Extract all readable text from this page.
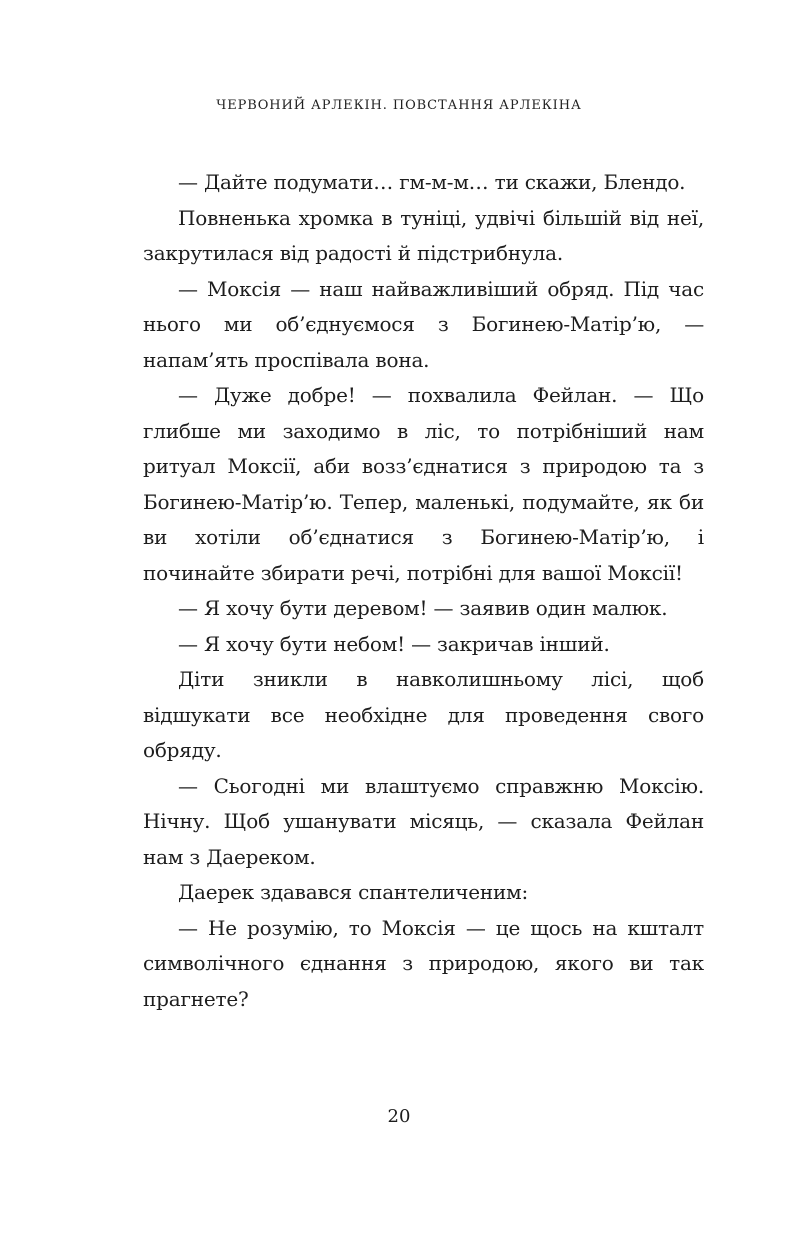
ЧЕРВОНИЙ АРЛЕКІН. ПОВСТАННЯ АРЛЕКІНА

— Дайте подумати… гм-м-м… ти скажи, Блендо.

Повненька хромка в туніці, удвічі більшій від неї, закрутилася від радості й підстрибнула.

— Моксія — наш найважливіший обряд. Під час нього ми об’єднуємося з Богинею-Матір’ю, — напам’ять проспівала вона.

— Дуже добре! — похвалила Фейлан. — Що глибше ми заходимо в ліс, то потрібніший нам ритуал Моксії, аби возз’єднатися з природою та з Богинею-Матір’ю. Тепер, маленькі, подумайте, як би ви хотіли об’єднатися з Богинею-Матір’ю, і починайте збирати речі, потрібні для вашої Моксії!

— Я хочу бути деревом! — заявив один малюк.

— Я хочу бути небом! — закричав інший.

Діти зникли в навколишньому лісі, щоб відшукати все необхідне для проведення свого обряду.

— Сьогодні ми влаштуємо справжню Моксію. Нічну. Щоб ушанувати місяць, — сказала Фейлан нам з Даереком.

Даерек здавався спантеличеним:

— Не розумію, то Моксія — це щось на кшталт символічного єднання з природою, якого ви так прагнете?

20
